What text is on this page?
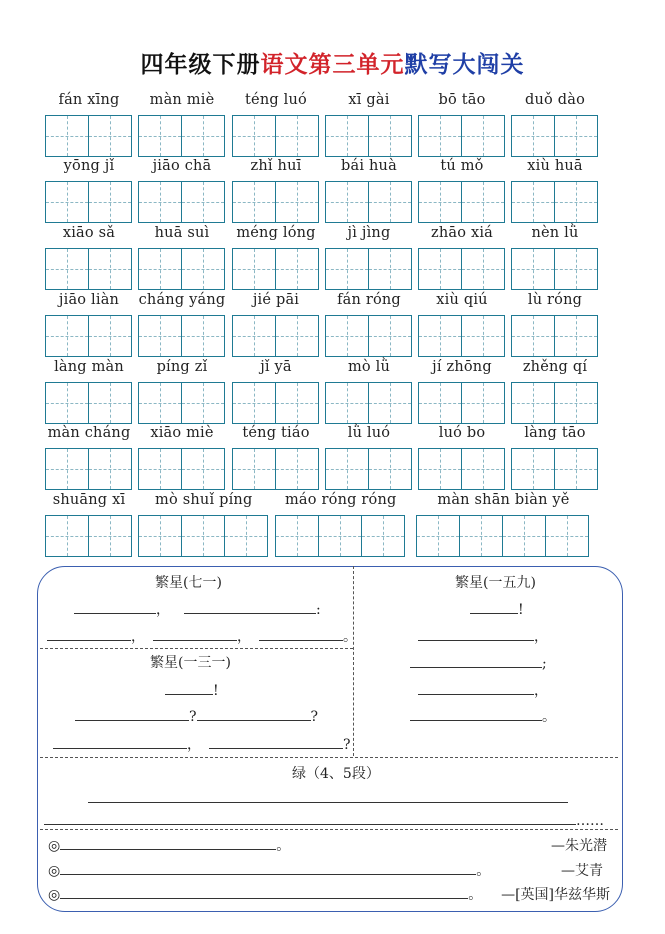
四年级下册语文第三单元默写大闯关
fán xīng	màn miè	téng luó	xī gài	bō tāo	duǒ dào
yōng jǐ	jiāo chā	zhǐ huī	bái huà	tú mǒ	xiù huā
xiāo sǎ	huā suì	méng lóng	jì jìng	zhāo xiá	nèn lǜ
jiāo liàn	cháng yáng	jié pāi	fán róng	xiù qiú	lù róng
làng màn	píng zǐ	jǐ yā	mò lǜ	jí zhōng	zhěng qí
màn cháng	xiāo miè	téng tiáo	lǜ luó	luó bo	làng tāo
shuāng xī	mò shuǐ píng	máo róng róng	màn shān biàn yě
繁星(七一)
，	:
，	，	。
繁星(一三一)
!
?	?
，	?
繁星(一五九)
!
，
;
，
。
绿（4、5段）
……
◎	。	—朱光潜
◎	。	—艾青
◎	。 —[英国]华兹华斯
